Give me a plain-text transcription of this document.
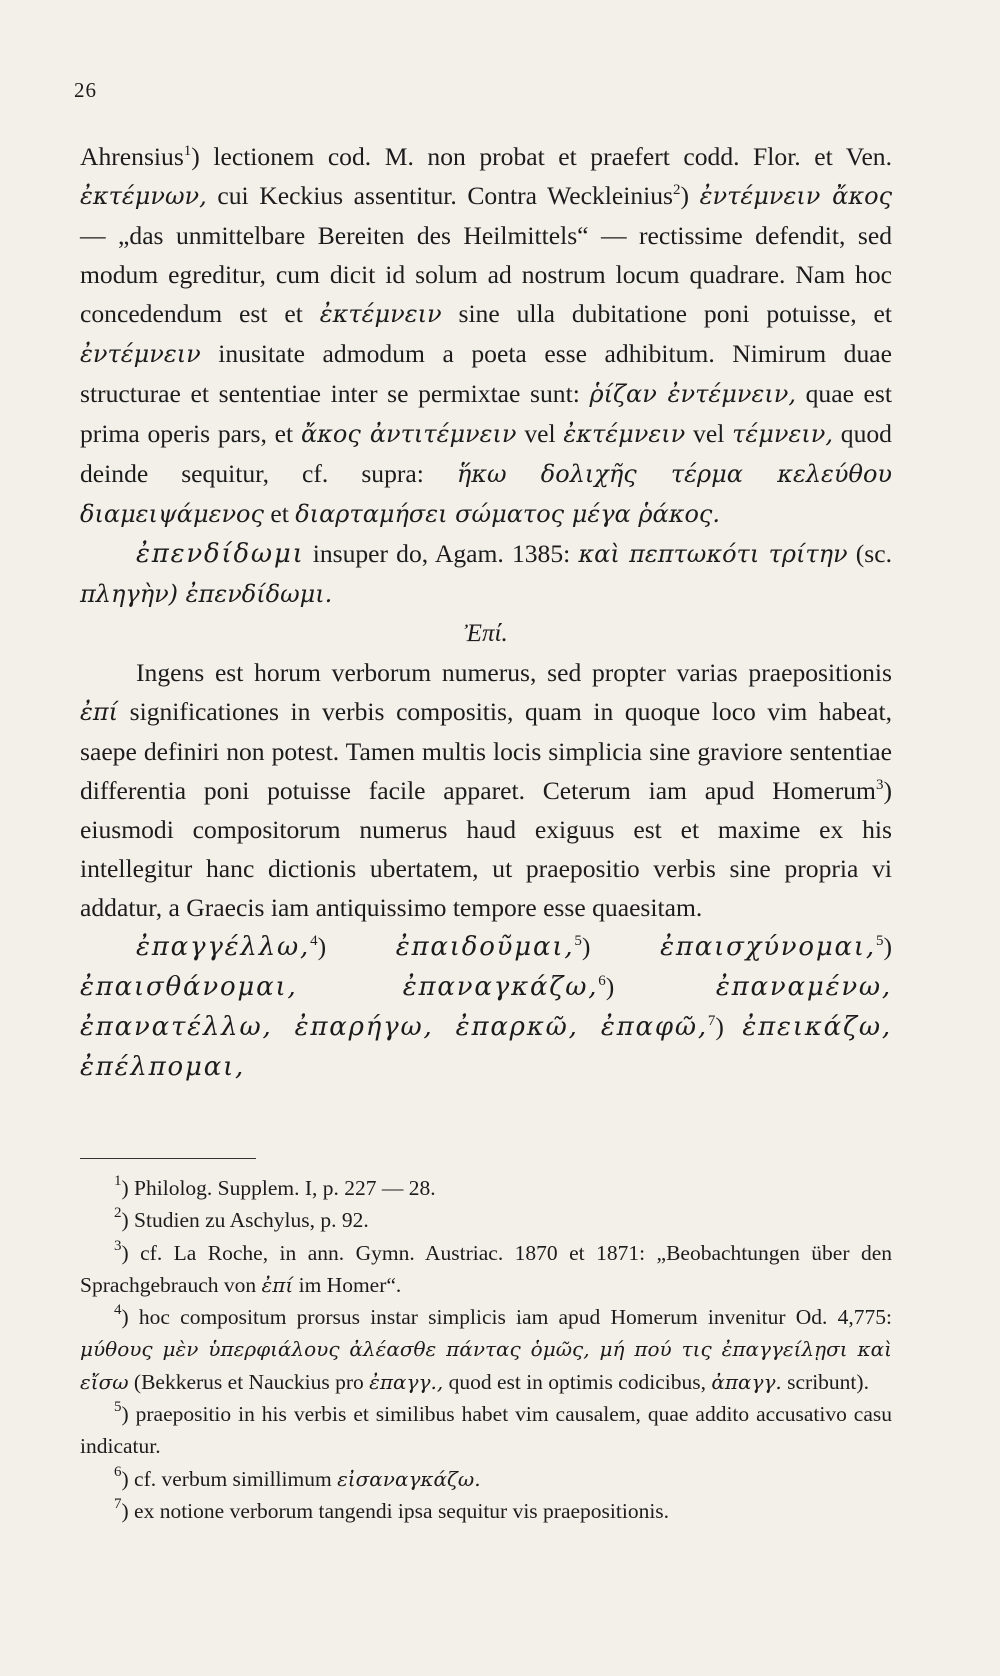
26

Ahrensius$^1$) lectionem cod. M. non probat et praefert codd. Flor. et Ven. ἐκτέμνων, cui Keckius assentitur. Contra Weckleinius$^2$) ἐντέμνειν ἄκος — „das unmittelbare Bereiten des Heilmittels“ — rectissime defendit, sed modum egreditur, cum dicit id solum ad nostrum locum quadrare. Nam hoc concedendum est et ἐκτέμνειν sine ulla dubitatione poni potuisse, et ἐντέμνειν inusitate admodum a poeta esse adhibitum. Nimirum duae structurae et sententiae inter se permixtae sunt: ῥίζαν ἐντέμνειν, quae est prima operis pars, et ἄκος ἀντιτέμνειν vel ἐκτέμνειν vel τέμνειν, quod deinde sequitur, cf. supra: ἥκω δολιχῆς τέρμα κελεύθου διαμειψάμενος et διαρταμήσει σώματος μέγα ῥάκος.

ἐπενδίδωμι insuper do, Agam. 1385: καὶ πεπτωκότι τρίτην (sc. πληγὴν) ἐπενδίδωμι.

Ἐπί.

Ingens est horum verborum numerus, sed propter varias praepositionis ἐπί significationes in verbis compositis, quam in quoque loco vim habeat, saepe definiri non potest. Tamen multis locis simplicia sine graviore sententiae differentia poni potuisse facile apparet. Ceterum iam apud Homerum$^3$) eiusmodi compositorum numerus haud exiguus est et maxime ex his intellegitur hanc dictionis ubertatem, ut praepositio verbis sine propria vi addatur, a Graecis iam antiquissimo tempore esse quaesitam.

ἐπαγγέλλω,$^4$)	ἐπαιδοῦμαι,$^5$)	ἐπαισχύνομαι,$^5$) ἐπαισθάνομαι, ἐπαναγκάζω,$^6$)	ἐπαναμένω, ἐπανατέλλω, ἐπαρήγω, ἐπαρκῶ, ἐπαφῶ,$^7$) ἐπεικάζω, ἐπέλπομαι,

$^1$) Philolog. Supplem. I, p. 227 — 28.

$^2$) Studien zu Aschylus, p. 92.

$^3$) cf. La Roche, in ann. Gymn. Austriac. 1870 et 1871: „Beobachtungen über den Sprachgebrauch von ἐπί im Homer“.

$^4$) hoc compositum prorsus instar simplicis iam apud Homerum invenitur Od. 4,775: μύθους μὲν ὑπερφιάλους ἀλέασθε πάντας ὁμῶς, μή πού τις ἐπαγγείλῃσι καὶ εἴσω (Bekkerus et Nauckius pro ἐπαγγ., quod est in optimis codicibus, ἀπαγγ. scribunt).

$^5$) praepositio in his verbis et similibus habet vim causalem, quae addito accusativo casu indicatur.

$^6$) cf. verbum simillimum εἰσαναγκάζω.

$^7$) ex notione verborum tangendi ipsa sequitur vis praepositionis.
